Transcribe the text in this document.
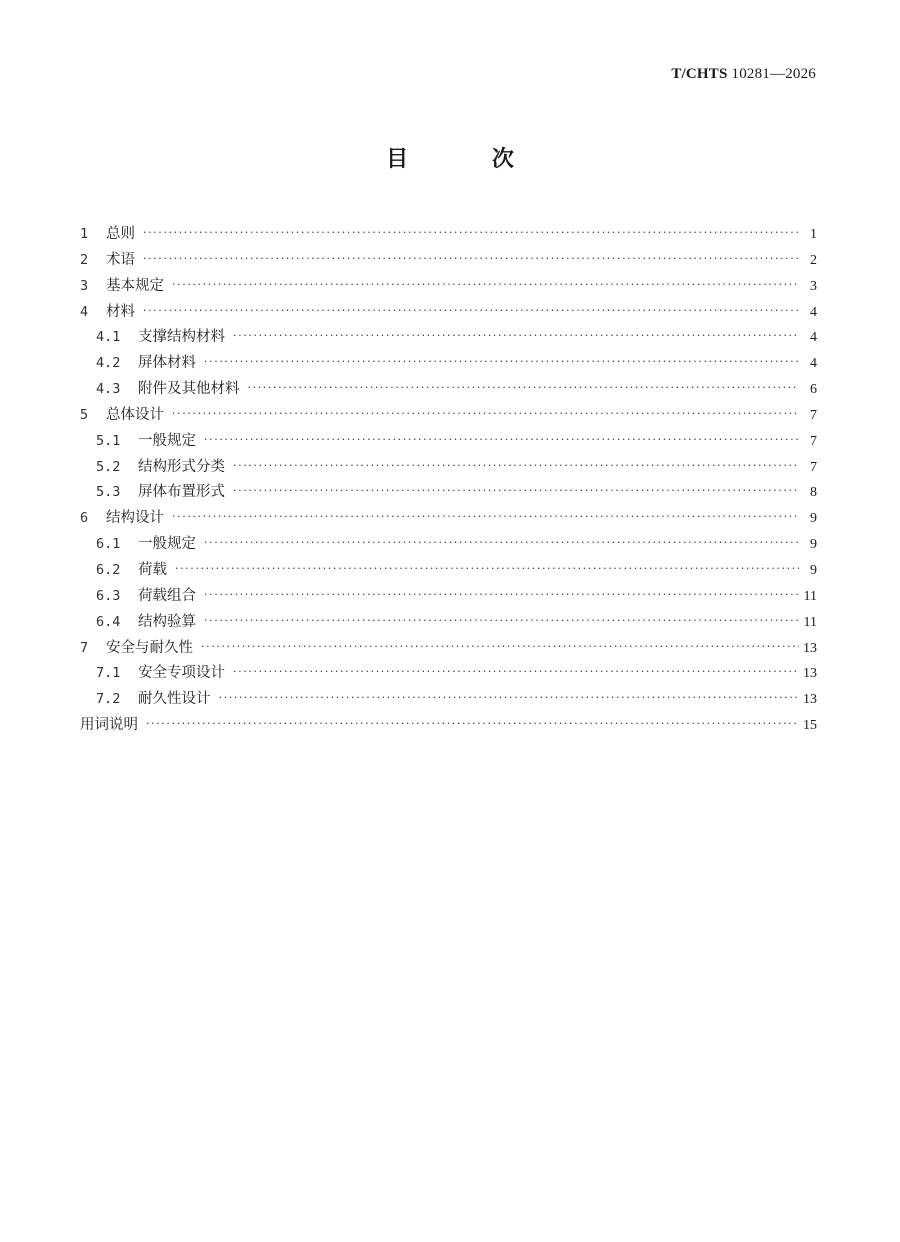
T/CHTS 10281—2026
目 次
1	总则 ·····	1
2	术语 ·····	2
3	基本规定 ·····	3
4	材料 ·····	4
4.1	支撑结构材料 ·····	4
4.2	屏体材料 ·····	4
4.3	附件及其他材料 ·····	6
5	总体设计 ·····	7
5.1	一般规定 ·····	7
5.2	结构形式分类 ·····	7
5.3	屏体布置形式 ·····	8
6	结构设计 ·····	9
6.1	一般规定 ·····	9
6.2	荷载 ·····	9
6.3	荷载组合 ·····	11
6.4	结构验算 ·····	11
7	安全与耐久性 ·····	13
7.1	安全专项设计 ·····	13
7.2	耐久性设计 ·····	13
用词说明 ·····	15
